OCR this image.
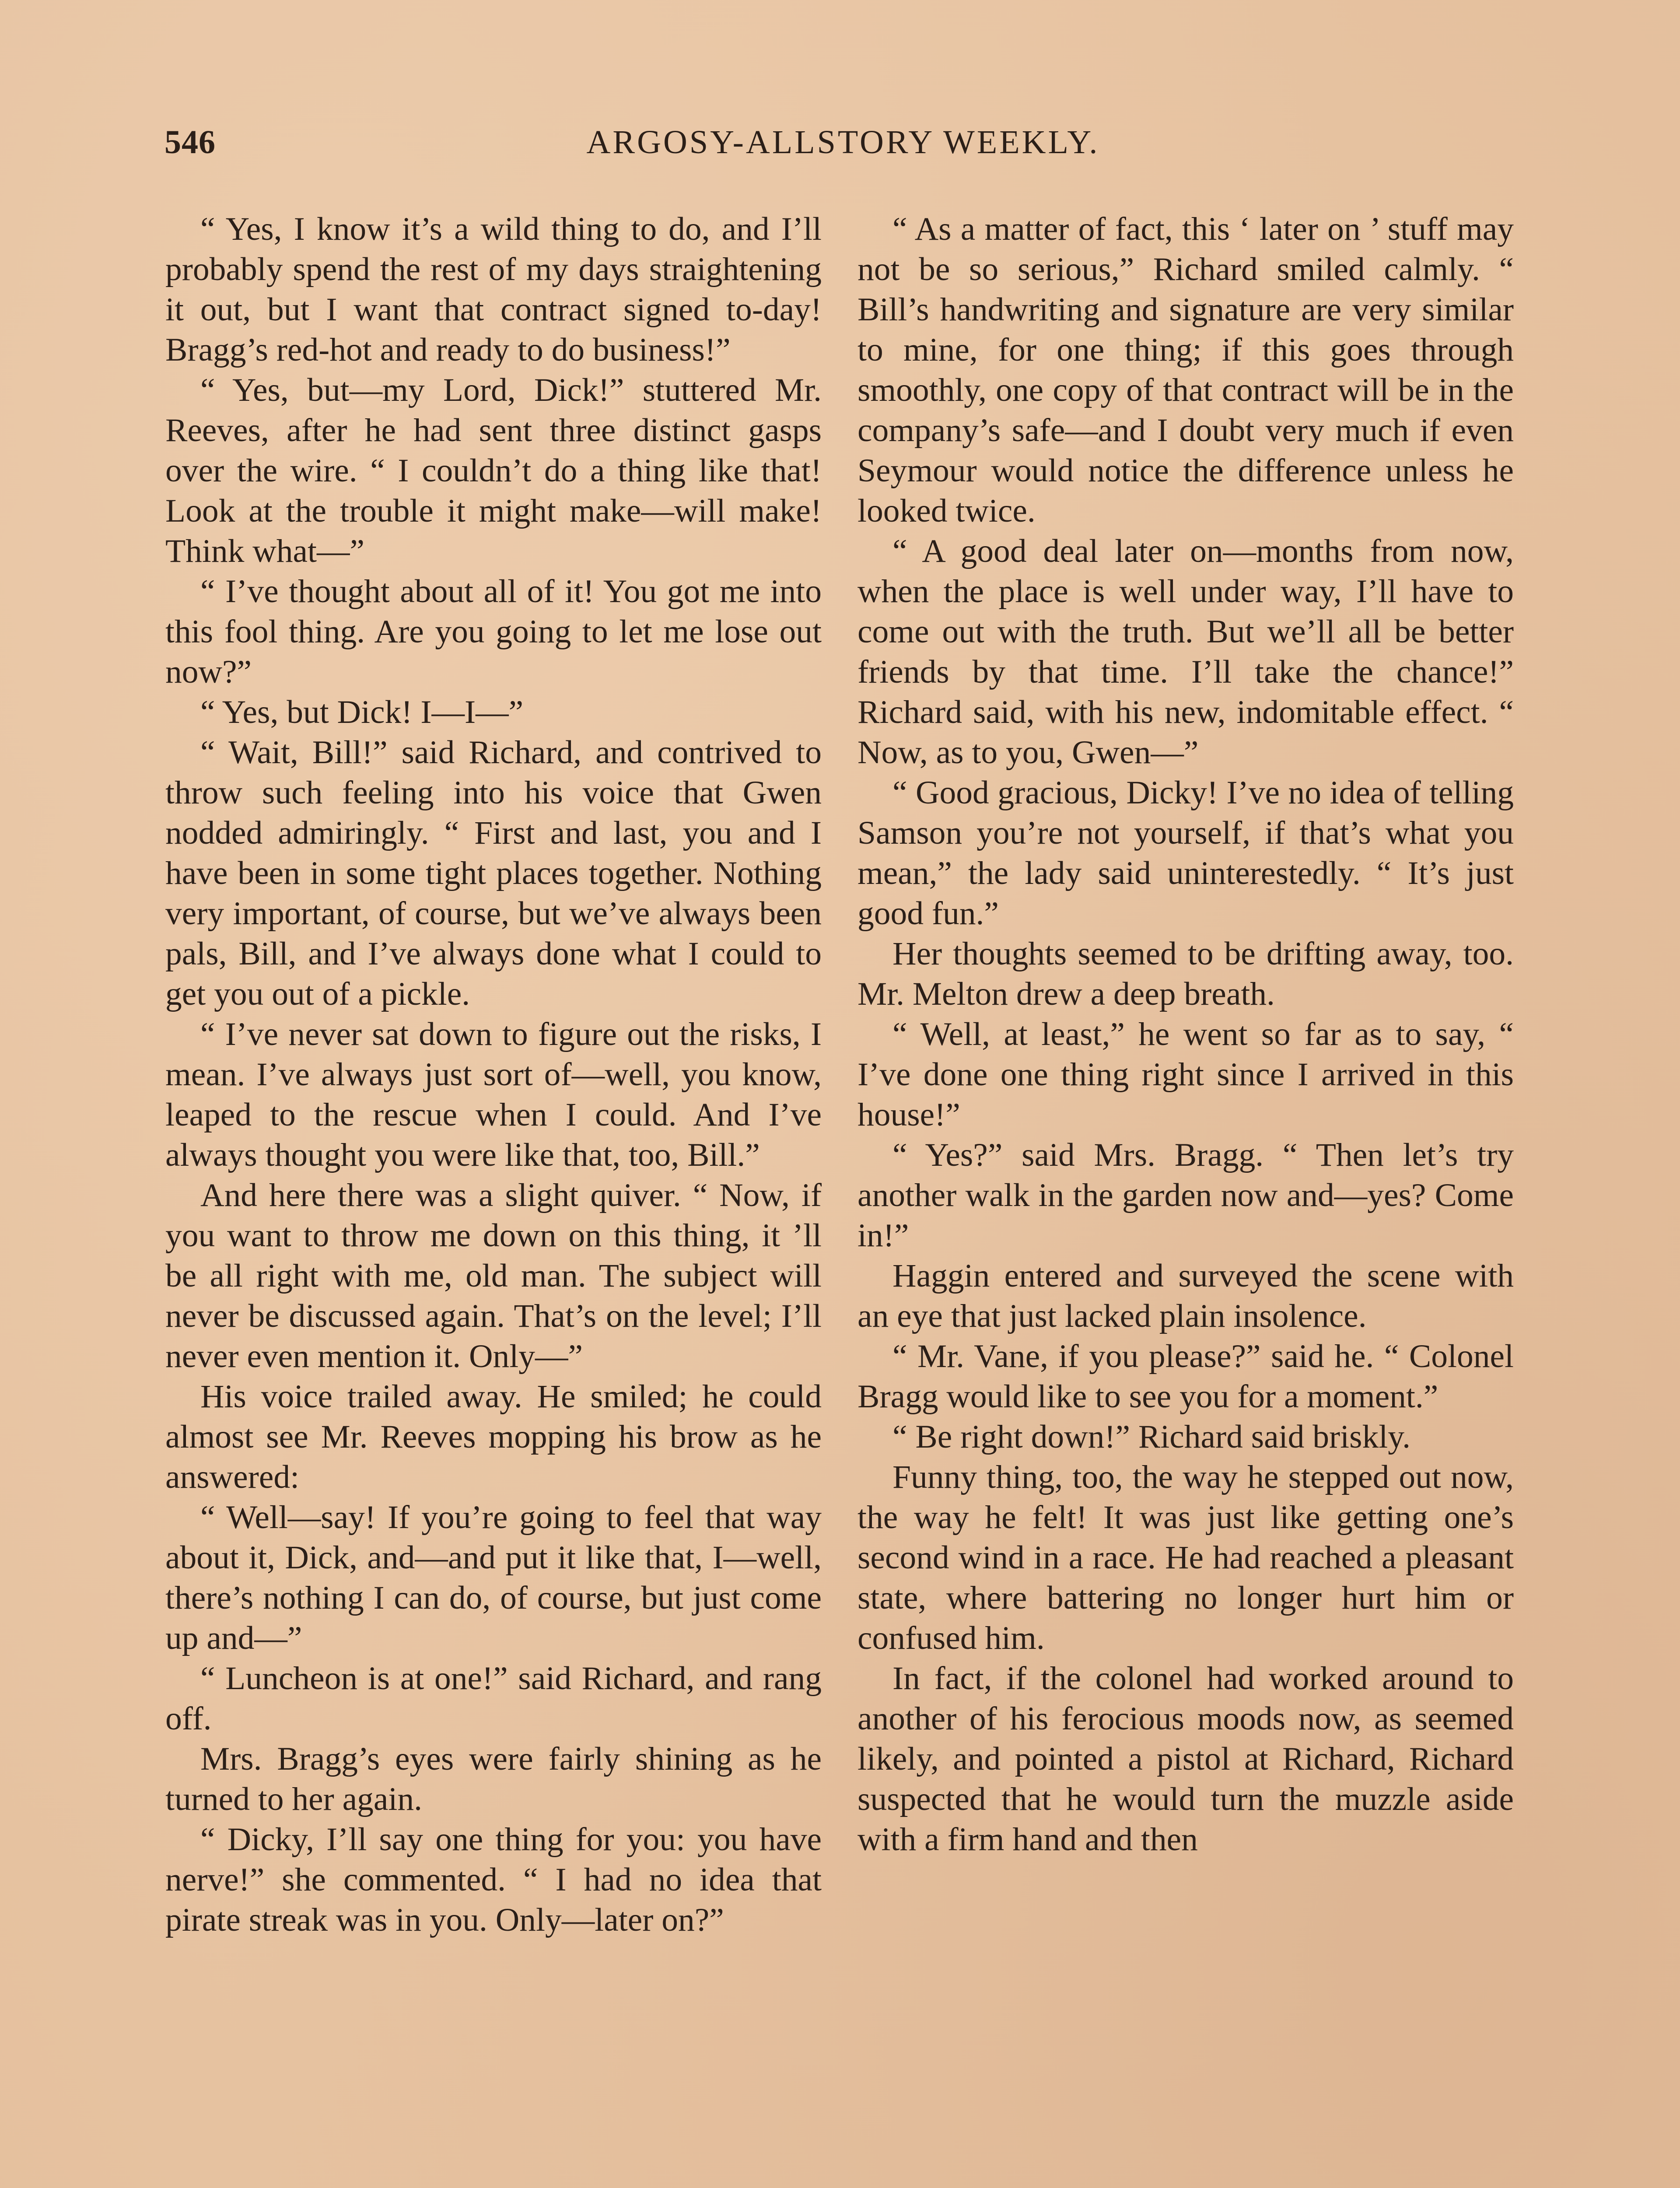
546	ARGOSY-ALLSTORY WEEKLY.

“ Yes, I know it’s a wild thing to do, and I’ll probably spend the rest of my days straightening it out, but I want that contract signed to-day! Bragg’s red-hot and ready to do business!”

“ Yes, but—my Lord, Dick!” stuttered Mr. Reeves, after he had sent three distinct gasps over the wire. “ I couldn’t do a thing like that! Look at the trouble it might make—will make! Think what—”

“ I’ve thought about all of it! You got me into this fool thing. Are you going to let me lose out now?”

“ Yes, but Dick! I—I—”

“ Wait, Bill!” said Richard, and contrived to throw such feeling into his voice that Gwen nodded admiringly. “ First and last, you and I have been in some tight places together. Nothing very important, of course, but we’ve always been pals, Bill, and I’ve always done what I could to get you out of a pickle.

“ I’ve never sat down to figure out the risks, I mean. I’ve always just sort of—well, you know, leaped to the rescue when I could. And I’ve always thought you were like that, too, Bill.”

And here there was a slight quiver. “ Now, if you want to throw me down on this thing, it ’ll be all right with me, old man. The subject will never be discussed again. That’s on the level; I’ll never even mention it. Only—”

His voice trailed away. He smiled; he could almost see Mr. Reeves mopping his brow as he answered:

“ Well—say! If you’re going to feel that way about it, Dick, and—and put it like that, I—well, there’s nothing I can do, of course, but just come up and—”

“ Luncheon is at one!” said Richard, and rang off.

Mrs. Bragg’s eyes were fairly shining as he turned to her again.

“ Dicky, I’ll say one thing for you: you have nerve!” she commented. “ I had no idea that pirate streak was in you. Only—later on?”

“ As a matter of fact, this ‘ later on ’ stuff may not be so serious,” Richard smiled calmly. “ Bill’s handwriting and signature are very similar to mine, for one thing; if this goes through smoothly, one copy of that contract will be in the company’s safe—and I doubt very much if even Seymour would notice the difference unless he looked twice.

“ A good deal later on—months from now, when the place is well under way, I’ll have to come out with the truth. But we’ll all be better friends by that time. I’ll take the chance!” Richard said, with his new, indomitable effect. “ Now, as to you, Gwen—”

“ Good gracious, Dicky! I’ve no idea of telling Samson you’re not yourself, if that’s what you mean,” the lady said uninterestedly. “ It’s just good fun.”

Her thoughts seemed to be drifting away, too. Mr. Melton drew a deep breath.

“ Well, at least,” he went so far as to say, “ I’ve done one thing right since I arrived in this house!”

“ Yes?” said Mrs. Bragg. “ Then let’s try another walk in the garden now and—yes? Come in!”

Haggin entered and surveyed the scene with an eye that just lacked plain insolence.

“ Mr. Vane, if you please?” said he. “ Colonel Bragg would like to see you for a moment.”

“ Be right down!” Richard said briskly.

Funny thing, too, the way he stepped out now, the way he felt! It was just like getting one’s second wind in a race. He had reached a pleasant state, where battering no longer hurt him or confused him.

In fact, if the colonel had worked around to another of his ferocious moods now, as seemed likely, and pointed a pistol at Richard, Richard suspected that he would turn the muzzle aside with a firm hand and then
